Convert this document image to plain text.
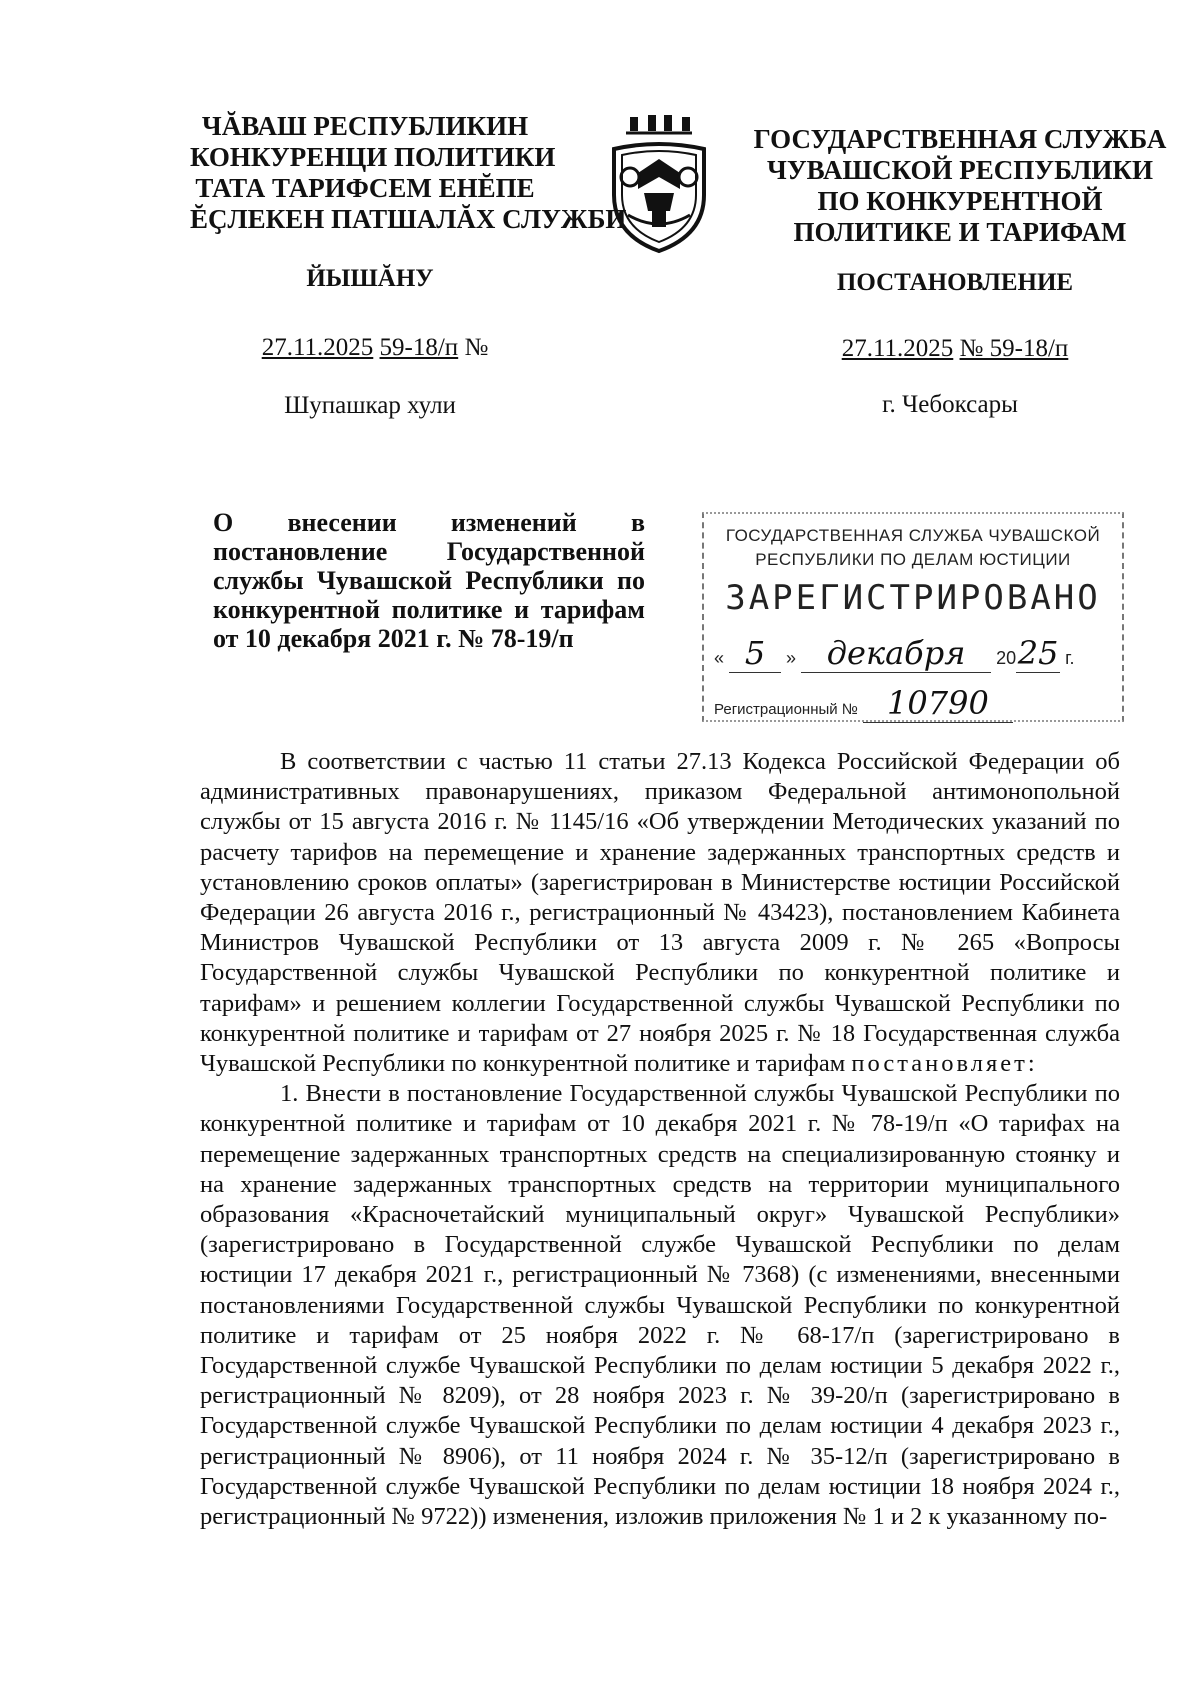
ЧĂВАШ РЕСПУБЛИКИН
КОНКУРЕНЦИ ПОЛИТИКИ
ТАТА ТАРИФСЕМ ЕНĔПЕ
ĔҪЛЕКЕН ПАТШАЛĂХ СЛУЖБИ
ГОСУДАРСТВЕННАЯ СЛУЖБА
ЧУВАШСКОЙ РЕСПУБЛИКИ
ПО КОНКУРЕНТНОЙ
ПОЛИТИКЕ И ТАРИФАМ
ЙЫШĂНУ	ПОСТАНОВЛЕНИЕ
27.11.2025 59-18/п №	27.11.2025 № 59-18/п
Шупашкар хули	г. Чебоксары
О внесении изменений в постановление Государственной службы Чувашской Республики по конкурентной политике и тарифам от 10 декабря 2021 г. № 78-19/п
ГОСУДАРСТВЕННАЯ СЛУЖБА ЧУВАШСКОЙ
РЕСПУБЛИКИ ПО ДЕЛАМ ЮСТИЦИИ
ЗАРЕГИСТРИРОВАНО
« 5 » декабря 2025 г.
Регистрационный № 10790

В соответствии с частью 11 статьи 27.13 Кодекса Российской Федерации об административных правонарушениях, приказом Федеральной антимонопольной службы от 15 августа 2016 г. № 1145/16 «Об утверждении Методических указаний по расчету тарифов на перемещение и хранение задержанных транспортных средств и установлению сроков оплаты» (зарегистрирован в Министерстве юстиции Российской Федерации 26 августа 2016 г., регистрационный № 43423), постановлением Кабинета Министров Чувашской Республики от 13 августа 2009 г. № 265 «Вопросы Государственной службы Чувашской Республики по конкурентной политике и тарифам» и решением коллегии Государственной службы Чувашской Республики по конкурентной политике и тарифам от 27 ноября 2025 г. № 18 Государственная служба Чувашской Республики по конкурентной политике и тарифам постановляет:

1. Внести в постановление Государственной службы Чувашской Республики по конкурентной политике и тарифам от 10 декабря 2021 г. № 78-19/п «О тарифах на перемещение задержанных транспортных средств на специализированную стоянку и на хранение задержанных транспортных средств на территории муниципального образования «Красночетайский муниципальный округ» Чувашской Республики» (зарегистрировано в Государственной службе Чувашской Республики по делам юстиции 17 декабря 2021 г., регистрационный № 7368) (с изменениями, внесенными постановлениями Государственной службы Чувашской Республики по конкурентной политике и тарифам от 25 ноября 2022 г. № 68-17/п (зарегистрировано в Государственной службе Чувашской Республики по делам юстиции 5 декабря 2022 г., регистрационный № 8209), от 28 ноября 2023 г. № 39-20/п (зарегистрировано в Государственной службе Чувашской Республики по делам юстиции 4 декабря 2023 г., регистрационный № 8906), от 11 ноября 2024 г. № 35-12/п (зарегистрировано в Государственной службе Чувашской Республики по делам юстиции 18 ноября 2024 г., регистрационный № 9722)) изменения, изложив приложения № 1 и 2 к указанному по-
